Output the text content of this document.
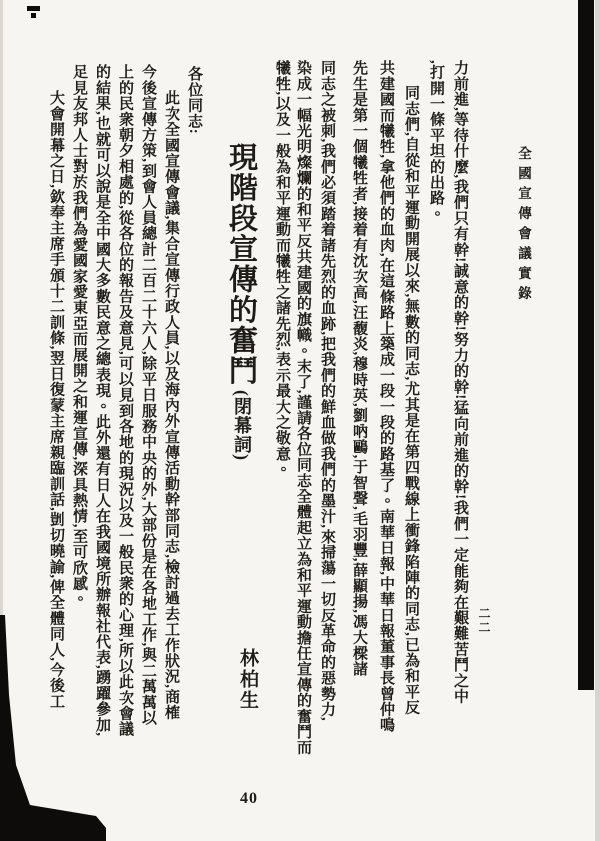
全國宣傳會議實錄
二二
力前進,等待什麼,我們只有幹!誠意的幹!努力的幹!猛向前進的幹!我們一定能夠在艱難苦鬥之中
,打開一條平坦的出路。
同志們,自從和平運動開展以來,無數的同志,尤其是在第四戰線上衝鋒陷陣的同志,已為和平反
共建國而犧牲,拿他們的血肉,在這條路上築成一段一段的路基了。南華日報,中華日報董事長曾仲鳴
先生是第一個犧牲者,接着有沈次高,汪馥炎,穆時英,劉吶鷗,于智聲,毛羽豐,薛顯揚,馮大樑諸
同志之被刺,我們必須踏着諸先烈的血跡,把我們的鮮血做我們的墨汁,來掃蕩一切反革命的惡勢力,
染成一幅光明燦爛的和平反共建國的旗幟。末了,謹請各位同志全體起立為和平運動擔任宣傳的奮鬥而
犧牲,以及一般為和平運動而犧牲之諸先烈,表示最大之敬意。
現階段宣傳的奮鬥
(閉幕詞)
林柏生
各位同志:
此次全國宣傳會議,集合宣傳行政人員,以及海內外宣傳活動幹部同志,檢討過去工作狀況,商榷
今後宣傳方策,到會人員總計二百二十六人,除平日服務中央的外,大部份是在各地工作,與二萬萬以
上的民衆朝夕相處的,從各位的報告及意見,可以見到各地的現況以及一般民衆的心理,所以此次會議
的結果,也就可以說是全中國大多數民意之總表現。此外還有日人在我國境所辦報社代表,踴躍參加,
足見友邦人士對於我們為愛國家愛東亞而展開之和運宣傳,深具熱情,至可欣感。
大會開幕之日,欽奉主席手頒十二訓條,翌日復蒙主席親臨訓話,剴切曉諭,俾全體同人,今後工
40
